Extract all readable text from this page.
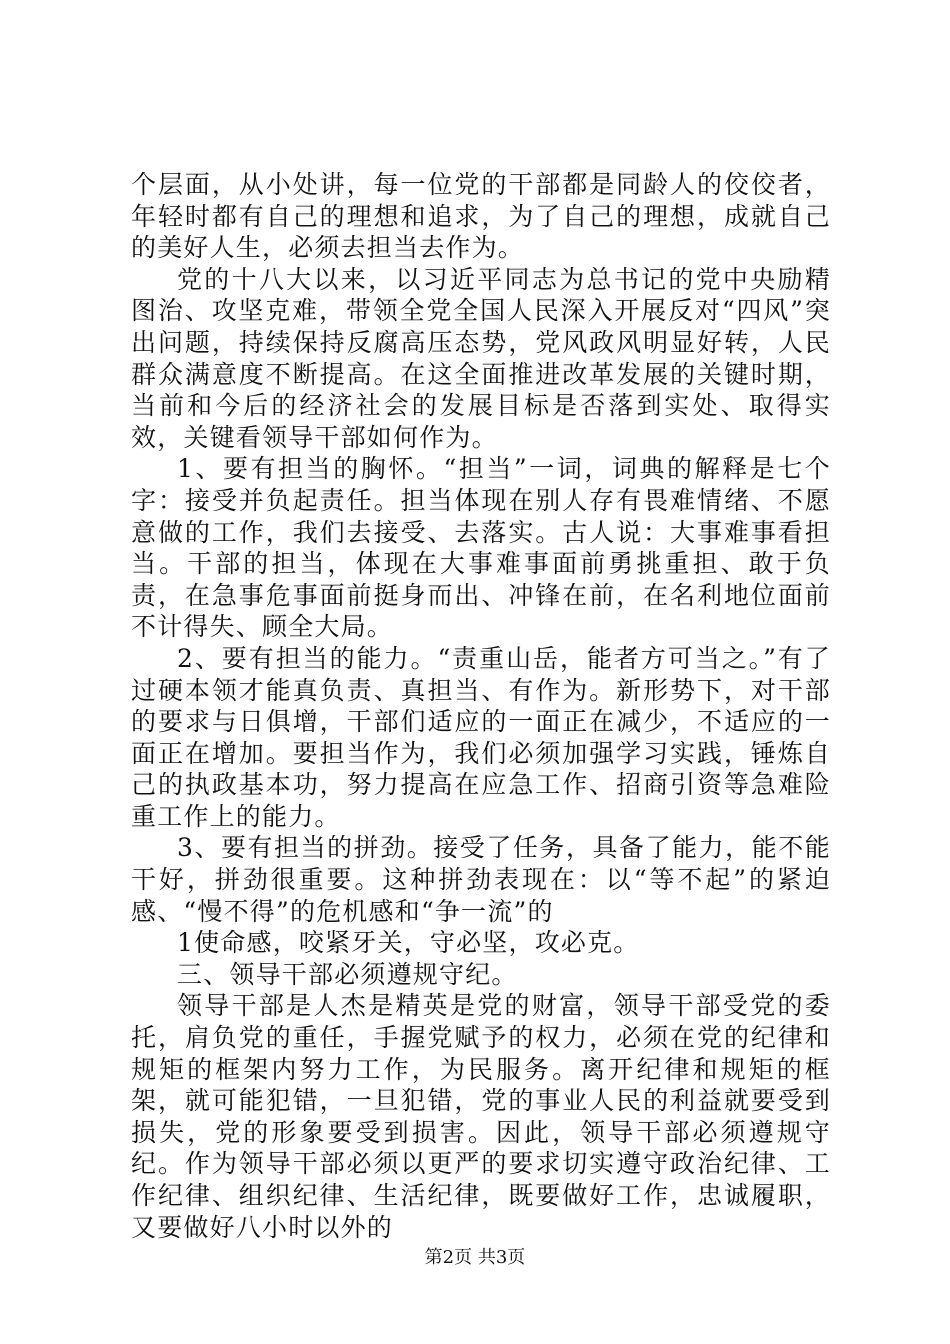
个层面，从小处讲，每一位党的干部都是同龄人的佼佼者，年轻时都有自己的理想和追求，为了自己的理想，成就自己的美好人生，必须去担当去作为。

党的十八大以来，以习近平同志为总书记的党中央励精图治、攻坚克难，带领全党全国人民深入开展反对“四风”突出问题，持续保持反腐高压态势，党风政风明显好转，人民群众满意度不断提高。在这全面推进改革发展的关键时期，当前和今后的经济社会的发展目标是否落到实处、取得实效，关键看领导干部如何作为。

1、要有担当的胸怀。“担当”一词，词典的解释是七个字：接受并负起责任。担当体现在别人存有畏难情绪、不愿意做的工作，我们去接受、去落实。古人说：大事难事看担当。干部的担当，体现在大事难事面前勇挑重担、敢于负责，在急事危事面前挺身而出、冲锋在前，在名利地位面前不计得失、顾全大局。

2、要有担当的能力。“责重山岳，能者方可当之。”有了过硬本领才能真负责、真担当、有作为。新形势下，对干部的要求与日俱增，干部们适应的一面正在减少，不适应的一面正在增加。要担当作为，我们必须加强学习实践，锤炼自己的执政基本功，努力提高在应急工作、招商引资等急难险重工作上的能力。

3、要有担当的拼劲。接受了任务，具备了能力，能不能干好，拼劲很重要。这种拼劲表现在：以“等不起”的紧迫感、“慢不得”的危机感和“争一流”的

1使命感，咬紧牙关，守必坚，攻必克。

三、领导干部必须遵规守纪。

领导干部是人杰是精英是党的财富，领导干部受党的委托，肩负党的重任，手握党赋予的权力，必须在党的纪律和规矩的框架内努力工作，为民服务。离开纪律和规矩的框架，就可能犯错，一旦犯错，党的事业人民的利益就要受到损失，党的形象要受到损害。因此，领导干部必须遵规守纪。作为领导干部必须以更严的要求切实遵守政治纪律、工作纪律、组织纪律、生活纪律，既要做好工作，忠诚履职，又要做好八小时以外的

第2页 共3页
